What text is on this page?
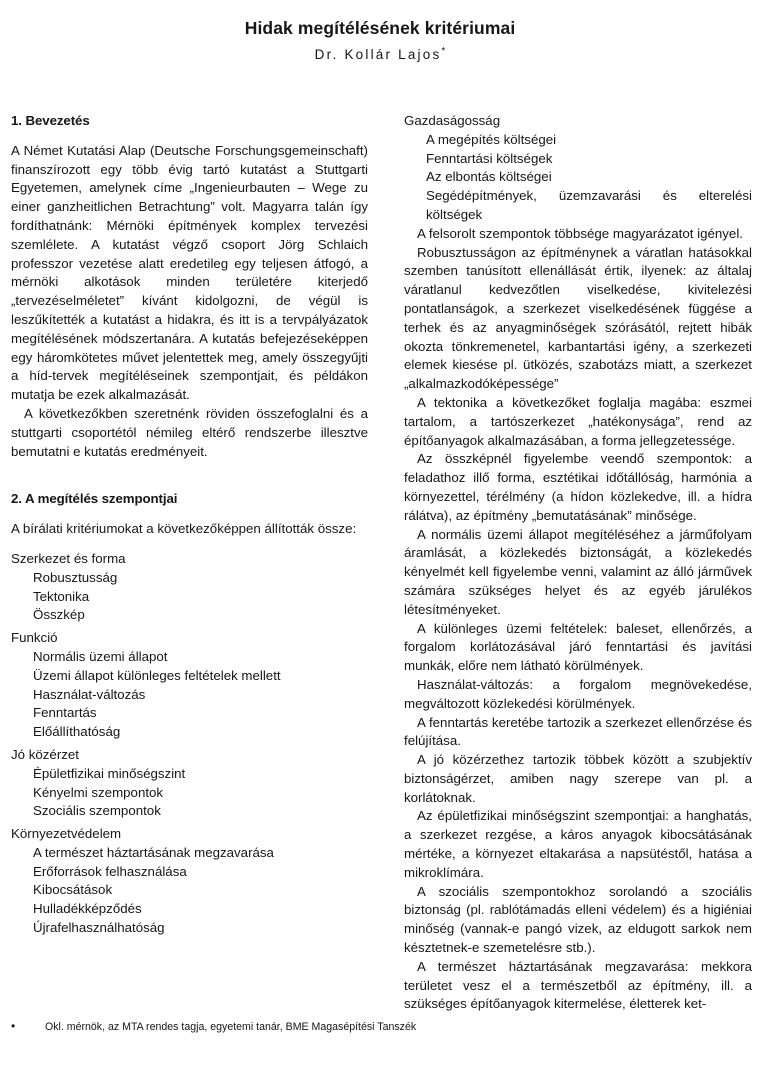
Hidak megítélésének kritériumai
Dr. Kollár Lajos*
1. Bevezetés

A Német Kutatási Alap (Deutsche Forschungsgemeinschaft) finanszírozott egy több évig tartó kutatást a Stuttgarti Egyetemen, amelynek címe „Ingenieurbauten – Wege zu einer ganzheitlichen Betrachtung” volt. Magyarra talán így fordíthatnánk: Mérnöki építmények komplex tervezési szemlélete. A kutatást végző csoport Jörg Schlaich professzor vezetése alatt eredetileg egy teljesen átfogó, a mérnöki alkotások minden területére kiterjedő „tervezéselméletet” kívánt kidolgozni, de végül is leszűkítették a kutatást a hidakra, és itt is a tervpályázatok megítélésének módszertanára. A kutatás befejezéseképpen egy háromkötetes művet jelentettek meg, amely összegyűjti a híd-tervek megítéléseinek szempontjait, és példákon mutatja be ezek alkalmazását.

A következőkben szeretnénk röviden összefoglalni és a stuttgarti csoportétól némileg eltérő rendszerbe illesztve bemutatni e kutatás eredményeit.

2. A megítélés szempontjai

A bírálati kritériumokat a következőképpen állították össze:

Szerkezet és forma

Robusztusság

Tektonika

Összkép

Funkció

Normális üzemi állapot

Üzemi állapot különleges feltételek mellett

Használat-változás

Fenntartás

Előállíthatóság

Jó közérzet

Épületfizikai minőségszint

Kényelmi szempontok

Szociális szempontok

Környezetvédelem

A természet háztartásának megzavarása

Erőforrások felhasználása

Kibocsátások

Hulladékképződés

Újrafelhasználhatóság

Gazdaságosság

A megépítés költségei

Fenntartási költségek

Az elbontás költségei

Segédépítmények, üzemzavarási és elterelési költségek

A felsorolt szempontok többsége magyarázatot igényel.

Robusztusságon az építménynek a váratlan hatásokkal szemben tanúsított ellenállását értik, ilyenek: az általaj váratlanul kedvezőtlen viselkedése, kivitelezési pontatlanságok, a szerkezet viselkedésének függése a terhek és az anyagminőségek szórásától, rejtett hibák okozta tönkremenetel, karbantartási igény, a szerkezeti elemek kiesése pl. ütközés, szabotázs miatt, a szerkezet „alkalmazkodóképessége”

A tektonika a következőket foglalja magába: eszmei tartalom, a tartószerkezet „hatékonysága”, rend az építőanyagok alkalmazásában, a forma jellegzetessége.

Az összképnél figyelembe veendő szempontok: a feladathoz illő forma, esztétikai időtállóság, harmónia a környezettel, térélmény (a hídon közlekedve, ill. a hídra rálátva), az építmény „bemutatásának” minősége.

A normális üzemi állapot megítéléséhez a járműfolyam áramlását, a közlekedés biztonságát, a közlekedés kényelmét kell figyelembe venni, valamint az álló járművek számára szükséges helyet és az egyéb járulékos létesítményeket.

A különleges üzemi feltételek: baleset, ellenőrzés, a forgalom korlátozásával járó fenntartási és javítási munkák, előre nem látható körülmények.

Használat-változás: a forgalom megnövekedése, megváltozott közlekedési körülmények.

A fenntartás keretébe tartozik a szerkezet ellenőrzése és felújítása.

A jó közérzethez tartozik többek között a szubjektív biztonságérzet, amiben nagy szerepe van pl. a korlátoknak.

Az épületfizikai minőségszint szempontjai: a hanghatás, a szerkezet rezgése, a káros anyagok kibocsátásának mértéke, a környezet eltakarása a napsütéstől, hatása a mikroklímára.

A szociális szempontokhoz sorolandó a szociális biztonság (pl. rablótámadás elleni védelem) és a higiéniai minőség (vannak-e pangó vizek, az eldugott sarkok nem késztetnek-e szemetelésre stb.).

A természet háztartásának megzavarása: mekkora területet vesz el a természetből az építmény, ill. a szükséges építőanyagok kitermelése, életterek ket-

•	Okl. mérnök, az MTA rendes tagja, egyetemi tanár, BME Magasépítési Tanszék
